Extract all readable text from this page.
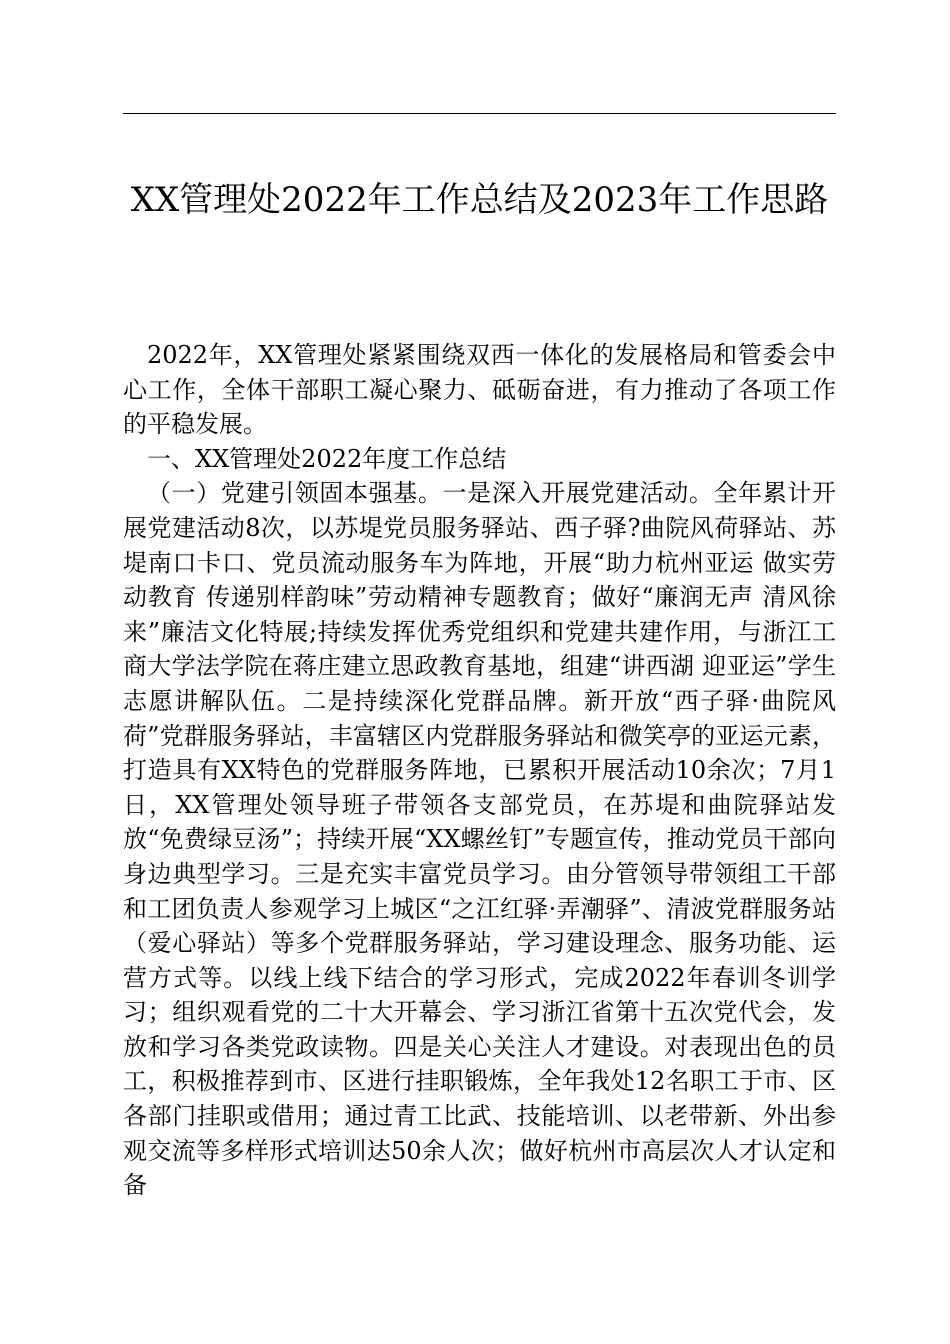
XX管理处2022年工作总结及2023年工作思路

2022年，XX管理处紧紧围绕双西一体化的发展格局和管委会中心工作，全体干部职工凝心聚力、砥砺奋进，有力推动了各项工作的平稳发展。

一、XX管理处2022年度工作总结

（一）党建引领固本强基。一是深入开展党建活动。全年累计开展党建活动8次，以苏堤党员服务驿站、西子驿?曲院风荷驿站、苏堤南口卡口、党员流动服务车为阵地，开展“助力杭州亚运 做实劳动教育 传递别样韵味”劳动精神专题教育；做好“廉润无声 清风徐来”廉洁文化特展;持续发挥优秀党组织和党建共建作用，与浙江工商大学法学院在蒋庄建立思政教育基地，组建“讲西湖 迎亚运”学生志愿讲解队伍。二是持续深化党群品牌。新开放“西子驿·曲院风荷”党群服务驿站，丰富辖区内党群服务驿站和微笑亭的亚运元素，打造具有XX特色的党群服务阵地，已累积开展活动10余次；7月1日，XX管理处领导班子带领各支部党员，在苏堤和曲院驿站发放“免费绿豆汤”；持续开展“XX螺丝钉”专题宣传，推动党员干部向身边典型学习。三是充实丰富党员学习。由分管领导带领组工干部和工团负责人参观学习上城区“之江红驿·弄潮驿”、清波党群服务站（爱心驿站）等多个党群服务驿站，学习建设理念、服务功能、运营方式等。以线上线下结合的学习形式，完成2022年春训冬训学习；组织观看党的二十大开幕会、学习浙江省第十五次党代会，发放和学习各类党政读物。四是关心关注人才建设。对表现出色的员工，积极推荐到市、区进行挂职锻炼，全年我处12名职工于市、区各部门挂职或借用；通过青工比武、技能培训、以老带新、外出参观交流等多样形式培训达50余人次；做好杭州市高层次人才认定和备
